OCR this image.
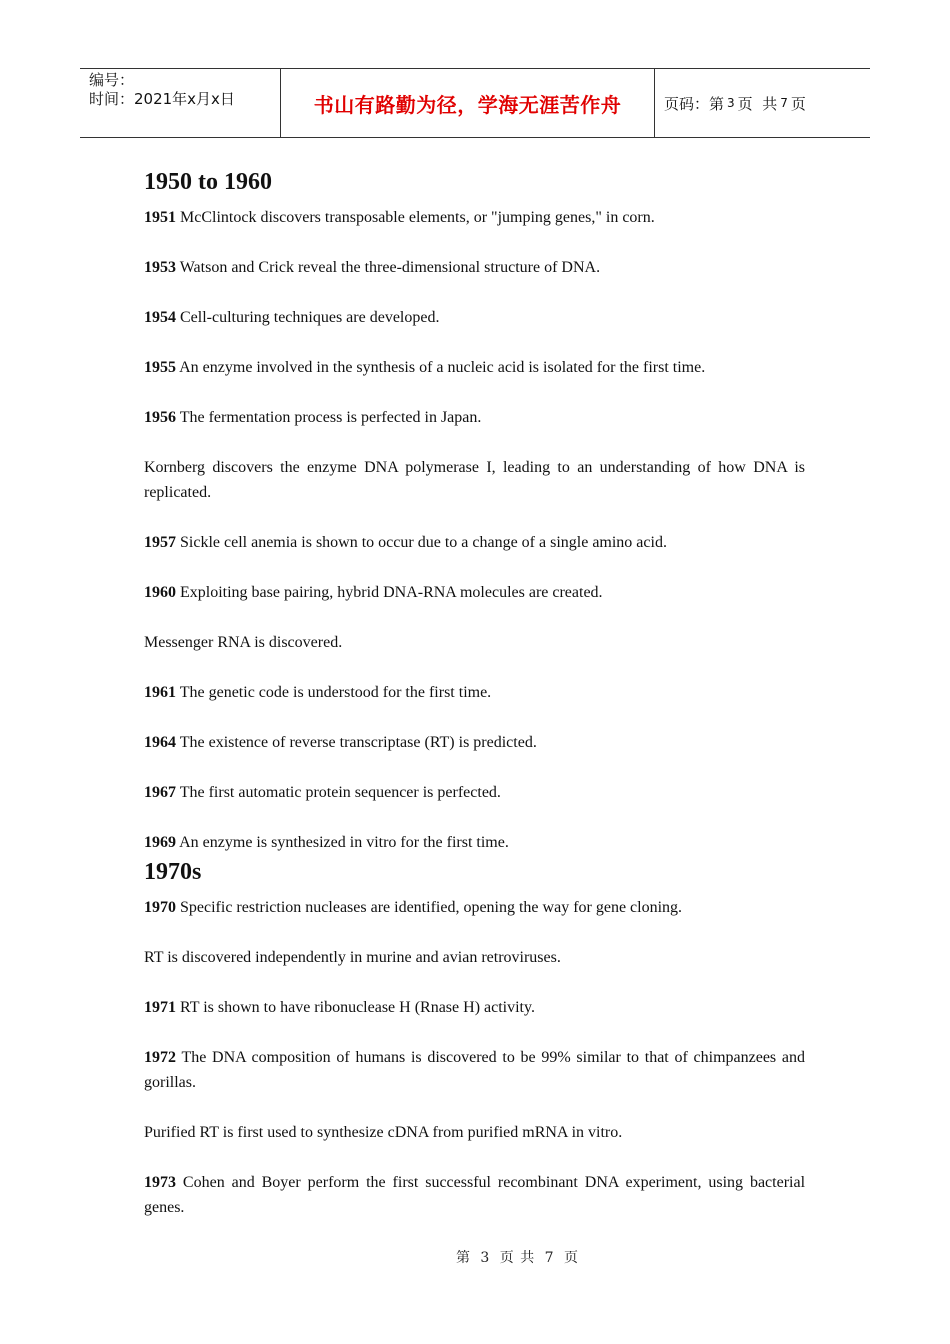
编号：
时间：2021年x月x日	书山有路勤为径，学海无涯苦作舟	页码：第 3 页  共 7 页
1950 to 1960

1951 McClintock discovers transposable elements, or "jumping genes," in corn.

1953 Watson and Crick reveal the three-dimensional structure of DNA.

1954 Cell-culturing techniques are developed.

1955 An enzyme involved in the synthesis of a nucleic acid is isolated for the first time.

1956 The fermentation process is perfected in Japan.

Kornberg discovers the enzyme DNA polymerase I, leading to an understanding of how DNA is replicated.

1957 Sickle cell anemia is shown to occur due to a change of a single amino acid.

1960 Exploiting base pairing, hybrid DNA-RNA molecules are created.

Messenger RNA is discovered.

1961 The genetic code is understood for the first time.

1964 The existence of reverse transcriptase (RT) is predicted.

1967 The first automatic protein sequencer is perfected.

1969 An enzyme is synthesized in vitro for the first time.

1970s

1970 Specific restriction nucleases are identified, opening the way for gene cloning.

RT is discovered independently in murine and avian retroviruses.

1971 RT is shown to have ribonuclease H (Rnase H) activity.

1972 The DNA composition of humans is discovered to be 99% similar to that of chimpanzees and gorillas.

Purified RT is first used to synthesize cDNA from purified mRNA in vitro.

1973 Cohen and Boyer perform the first successful recombinant DNA experiment, using bacterial genes.

第 3 页 共 7 页
